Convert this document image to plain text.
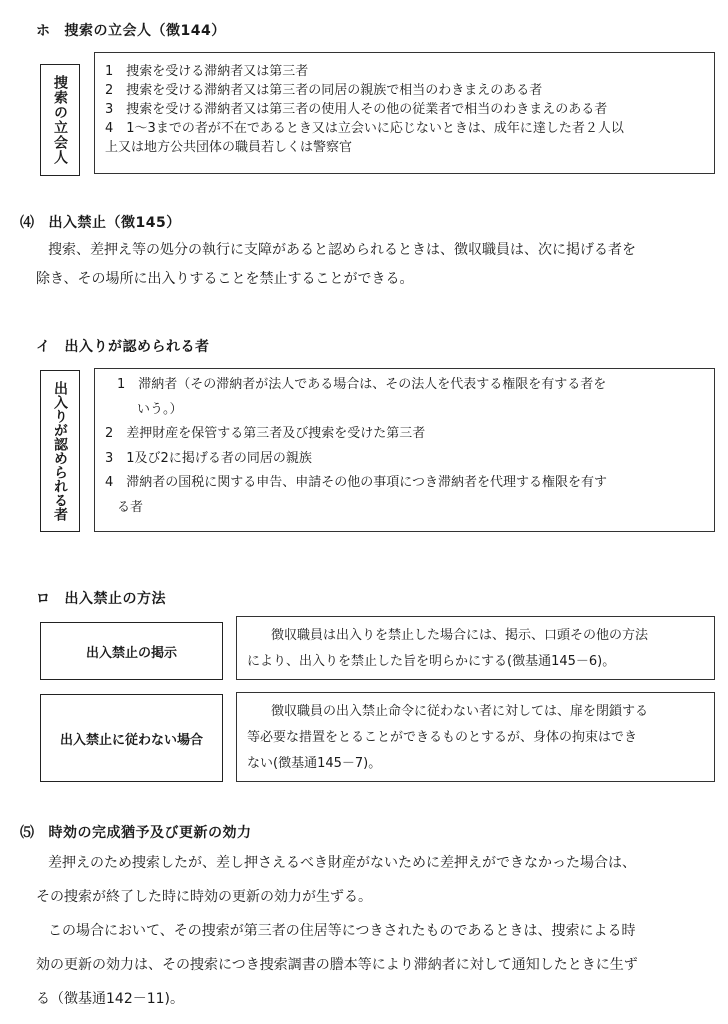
ホ 捜索の立会人（徴144）
捜索の立会人
1　捜索を受ける滞納者又は第三者
2　捜索を受ける滞納者又は第三者の同居の親族で相当のわきまえのある者
3　捜索を受ける滞納者又は第三者の使用人その他の従業者で相当のわきまえのある者
4　1～3までの者が不在であるとき又は立会いに応じないときは、成年に達した者２人以
上又は地方公共団体の職員若しくは警察官
⑷ 出入禁止（徴145）
搜索、差押え等の処分の執行に支障があると認められるときは、徴収職員は、次に掲げる者を
除き、その場所に出入りすることを禁止することができる。
イ 出入りが認められる者
出入りが認められる者	1　滞納者（その滞納者が法人である場合は、その法人を代表する権限を有する者を
いう。）
2　差押財産を保管する第三者及び捜索を受けた第三者
3　1及び2に掲げる者の同居の親族
4　滞納者の国税に関する申告、申請その他の事項につき滞納者を代理する権限を有す
る者
ロ 出入禁止の方法
出入禁止の掲示
徴収職員は出入りを禁止した場合には、掲示、口頭その他の方法
により、出入りを禁止した旨を明らかにする(徴基通145－6)。
出入禁止に従わない場合
徴収職員の出入禁止命令に従わない者に対しては、扉を閉鎖する
等必要な措置をとることができるものとするが、身体の拘束はでき
ない(徴基通145－7)。
⑸ 時効の完成猶予及び更新の効力
差押えのため捜索したが、差し押さえるべき財産がないために差押えができなかった場合は、
その捜索が終了した時に時効の更新の効力が生ずる。
この場合において、その捜索が第三者の住居等につきされたものであるときは、捜索による時
効の更新の効力は、その捜索につき捜索調書の謄本等により滞納者に対して通知したときに生ず
る（徴基通142－11)。
